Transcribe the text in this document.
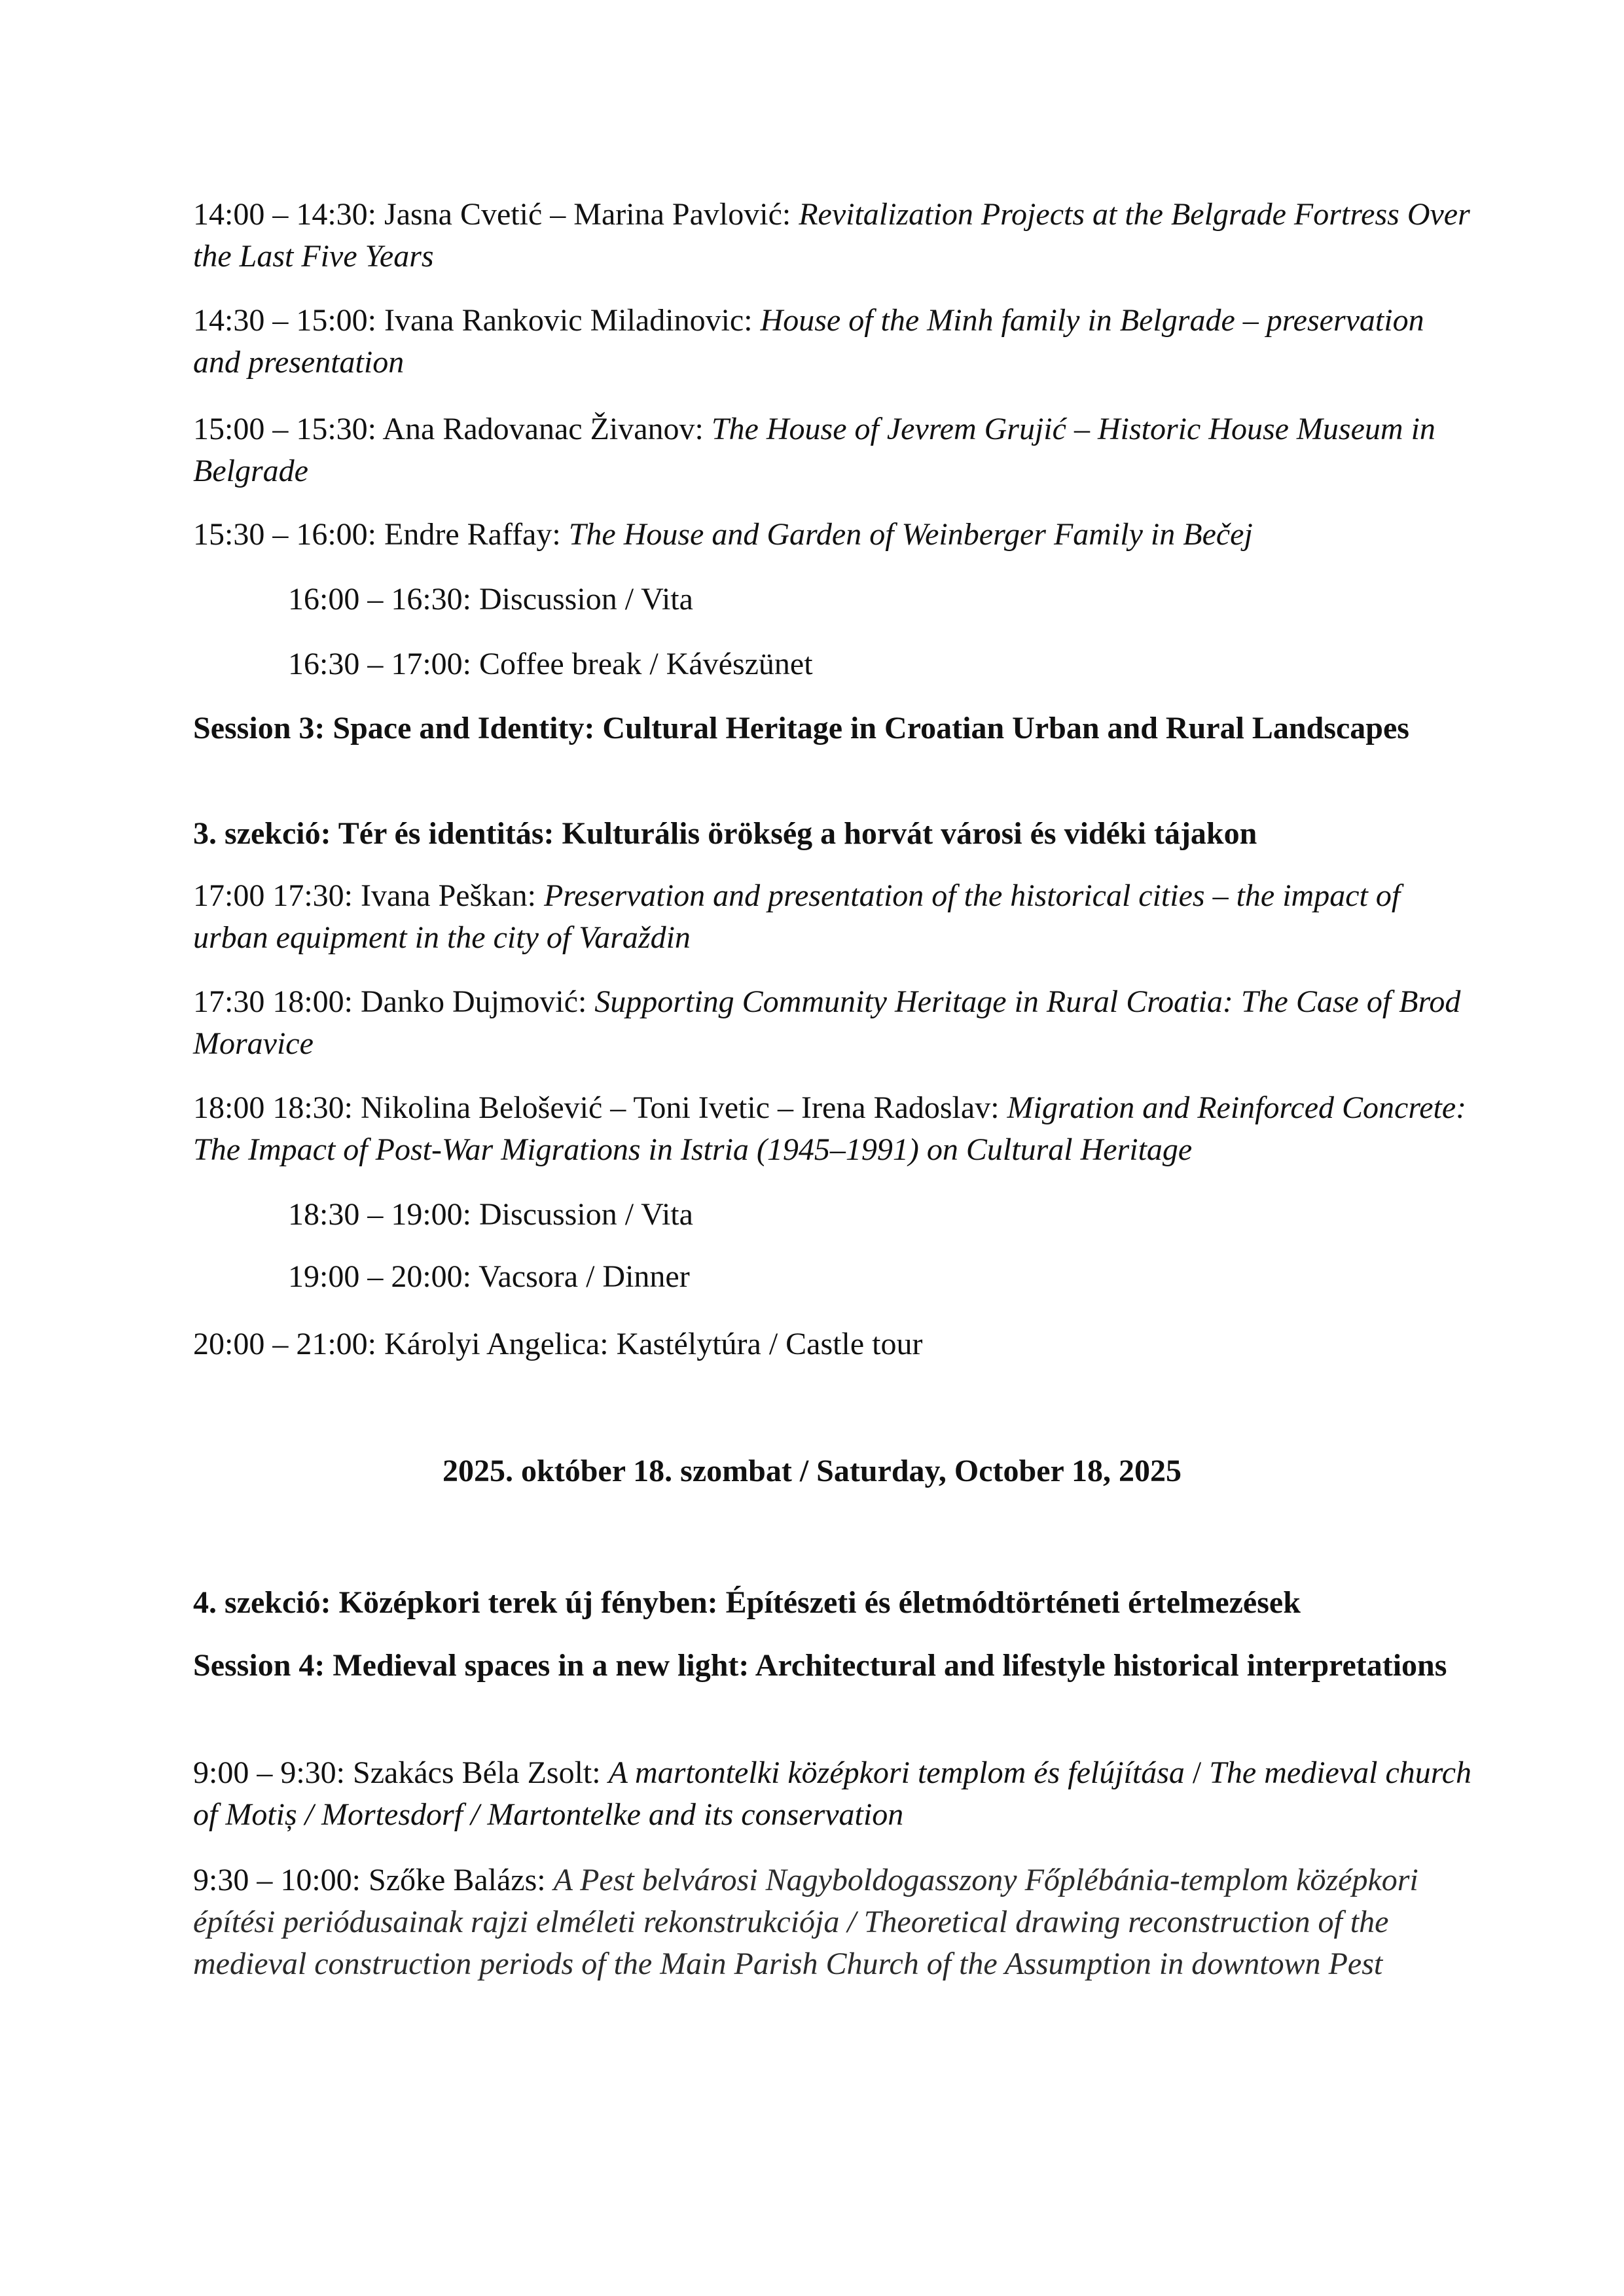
14:00 – 14:30: Jasna Cvetić – Marina Pavlović: Revitalization Projects at the Belgrade Fortress Over the Last Five Years

14:30 – 15:00: Ivana Rankovic Miladinovic: House of the Minh family in Belgrade – preservation and presentation

15:00 – 15:30: Ana Radovanac Živanov: The House of Jevrem Grujić – Historic House Museum in Belgrade

15:30 – 16:00: Endre Raffay: The House and Garden of Weinberger Family in Bečej

16:00 – 16:30: Discussion / Vita

16:30 – 17:00: Coffee break / Kávészünet

Session 3: Space and Identity: Cultural Heritage in Croatian Urban and Rural Landscapes

3. szekció: Tér és identitás: Kulturális örökség a horvát városi és vidéki tájakon

17:00 17:30: Ivana Peškan: Preservation and presentation of the historical cities – the impact of urban equipment in the city of Varaždin

17:30 18:00: Danko Dujmović: Supporting Community Heritage in Rural Croatia: The Case of Brod Moravice

18:00 18:30: Nikolina Belošević – Toni Ivetic – Irena Radoslav: Migration and Reinforced Concrete: The Impact of Post-War Migrations in Istria (1945–1991) on Cultural Heritage

18:30 – 19:00: Discussion / Vita

19:00 – 20:00: Vacsora / Dinner

20:00 – 21:00: Károlyi Angelica: Kastélytúra / Castle tour

2025. október 18. szombat / Saturday, October 18, 2025

4. szekció: Középkori terek új fényben: Építészeti és életmódtörténeti értelmezések

Session 4: Medieval spaces in a new light: Architectural and lifestyle historical interpretations

9:00 – 9:30: Szakács Béla Zsolt: A martontelki középkori templom és felújítása / The medieval church of Motiș / Mortesdorf / Martontelke and its conservation

9:30 – 10:00: Szőke Balázs: A Pest belvárosi Nagyboldogasszony Főplébánia-templom középkori építési periódusainak rajzi elméleti rekonstrukciója / Theoretical drawing reconstruction of the medieval construction periods of the Main Parish Church of the Assumption in downtown Pest
